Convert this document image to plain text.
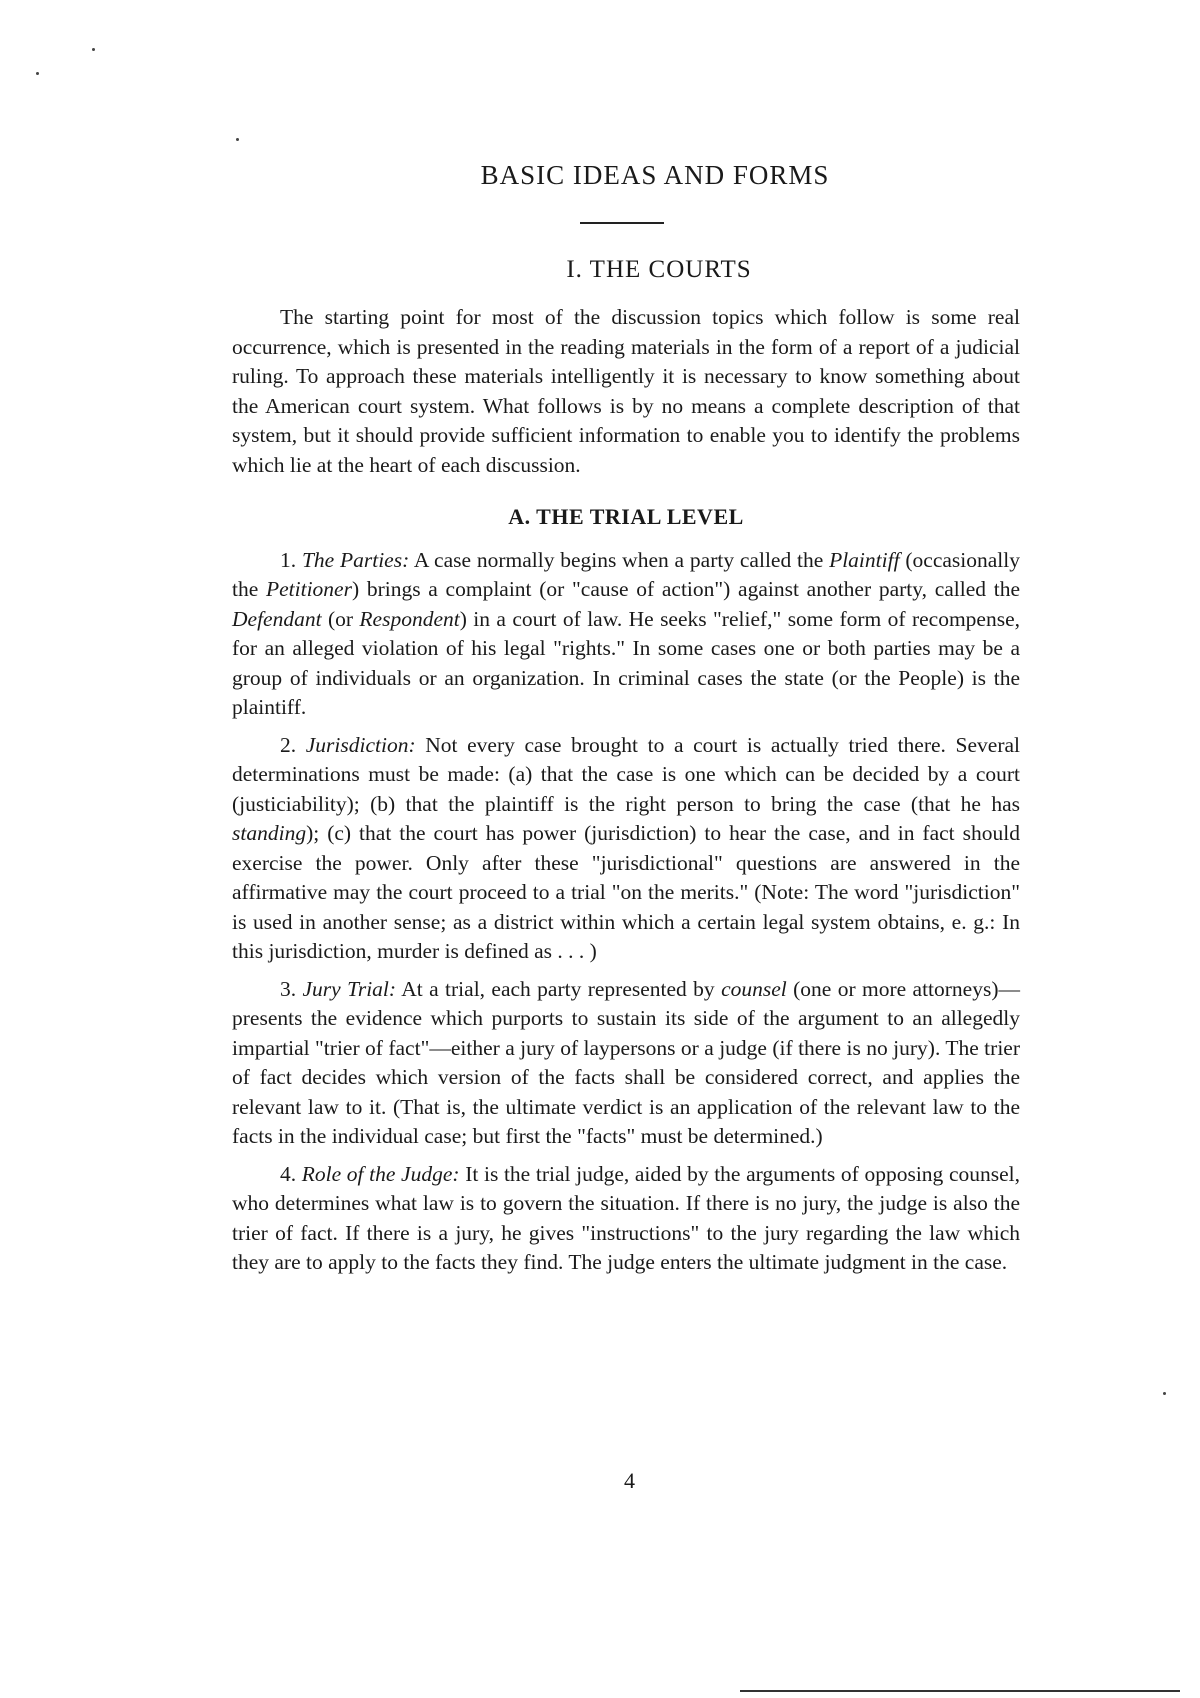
BASIC IDEAS AND FORMS
I. THE COURTS

The starting point for most of the discussion topics which follow is some real occurrence, which is presented in the reading materials in the form of a report of a judicial ruling. To approach these materials intelligently it is necessary to know something about the American court system. What follows is by no means a complete description of that system, but it should provide sufficient information to enable you to identify the problems which lie at the heart of each discussion.

A. THE TRIAL LEVEL

1. The Parties: A case normally begins when a party called the Plaintiff (occasionally the Petitioner) brings a complaint (or "cause of action") against another party, called the Defendant (or Respondent) in a court of law. He seeks "relief," some form of recompense, for an alleged violation of his legal "rights." In some cases one or both parties may be a group of individuals or an organization. In criminal cases the state (or the People) is the plaintiff.

2. Jurisdiction: Not every case brought to a court is actually tried there. Several determinations must be made: (a) that the case is one which can be decided by a court (justiciability); (b) that the plaintiff is the right person to bring the case (that he has standing); (c) that the court has power (jurisdiction) to hear the case, and in fact should exercise the power. Only after these "jurisdictional" questions are answered in the affirmative may the court proceed to a trial "on the merits." (Note: The word "jurisdiction" is used in another sense; as a district within which a certain legal system obtains, e. g.: In this jurisdiction, murder is defined as . . . )

3. Jury Trial: At a trial, each party represented by counsel (one or more attorneys)—presents the evidence which purports to sustain its side of the argument to an allegedly impartial "trier of fact"—either a jury of laypersons or a judge (if there is no jury). The trier of fact decides which version of the facts shall be considered correct, and applies the relevant law to it. (That is, the ultimate verdict is an application of the relevant law to the facts in the individual case; but first the "facts" must be determined.)

4. Role of the Judge: It is the trial judge, aided by the arguments of opposing counsel, who determines what law is to govern the situation. If there is no jury, the judge is also the trier of fact. If there is a jury, he gives "instructions" to the jury regarding the law which they are to apply to the facts they find. The judge enters the ultimate judgment in the case.

4
